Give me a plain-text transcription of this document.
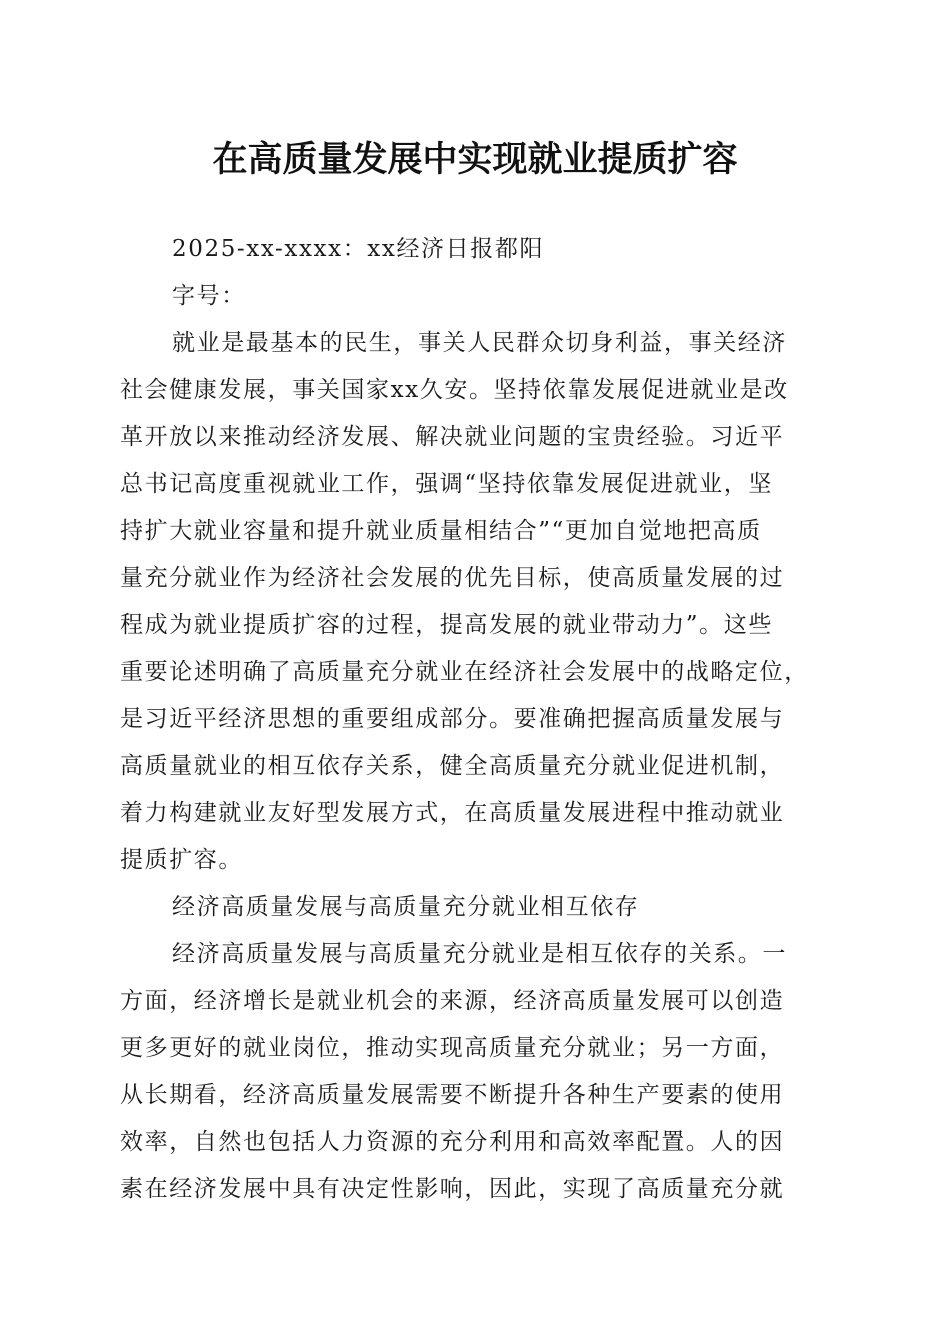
在高质量发展中实现就业提质扩容
2025-xx-xxxx：xx经济日报都阳
字号：
就业是最基本的民生，事关人民群众切身利益，事关经济
社会健康发展，事关国家xx久安。坚持依靠发展促进就业是改
革开放以来推动经济发展、解决就业问题的宝贵经验。习近平
总书记高度重视就业工作，强调“坚持依靠发展促进就业，坚
持扩大就业容量和提升就业质量相结合”“更加自觉地把高质
量充分就业作为经济社会发展的优先目标，使高质量发展的过
程成为就业提质扩容的过程，提高发展的就业带动力”。这些
重要论述明确了高质量充分就业在经济社会发展中的战略定位，
是习近平经济思想的重要组成部分。要准确把握高质量发展与
高质量就业的相互依存关系，健全高质量充分就业促进机制，
着力构建就业友好型发展方式，在高质量发展进程中推动就业
提质扩容。
经济高质量发展与高质量充分就业相互依存
经济高质量发展与高质量充分就业是相互依存的关系。一
方面，经济增长是就业机会的来源，经济高质量发展可以创造
更多更好的就业岗位，推动实现高质量充分就业；另一方面，
从长期看，经济高质量发展需要不断提升各种生产要素的使用
效率，自然也包括人力资源的充分利用和高效率配置。人的因
素在经济发展中具有决定性影响，因此，实现了高质量充分就
